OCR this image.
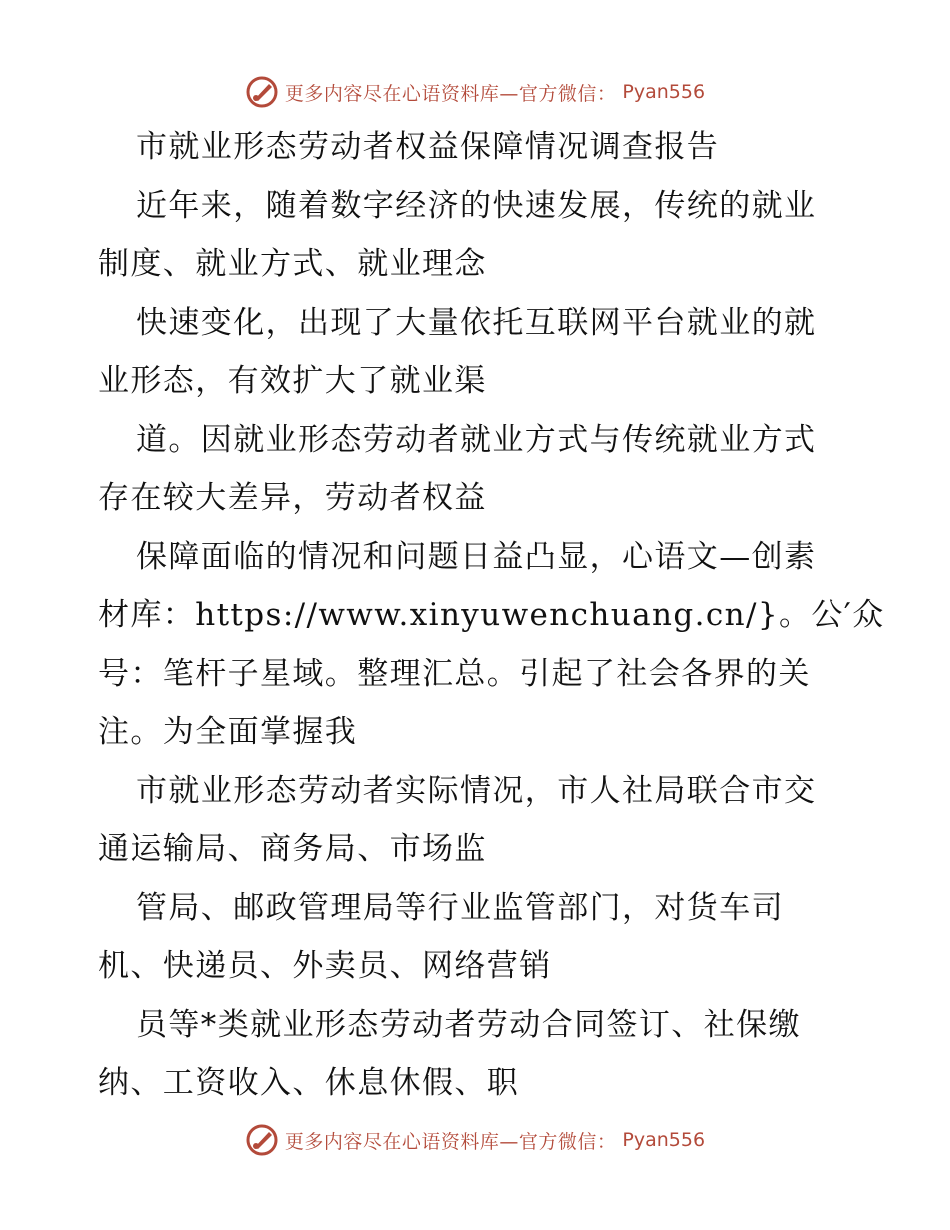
更多内容尽在心语资料库—官方微信： Pyan556
市就业形态劳动者权益保障情况调查报告
近年来，随着数字经济的快速发展，传统的就业
制度、就业方式、就业理念
快速变化，出现了大量依托互联网平台就业的就
业形态，有效扩大了就业渠
道。因就业形态劳动者就业方式与传统就业方式
存在较大差异，劳动者权益
保障面临的情况和问题日益凸显，心语文—创素
材库：https://www.xinyuwenchuang.cn/}。公′众
号：笔杆子星域。整理汇总。引起了社会各界的关
注。为全面掌握我
市就业形态劳动者实际情况，市人社局联合市交
通运输局、商务局、市场监
管局、邮政管理局等行业监管部门，对货车司
机、快递员、外卖员、网络营销
员等*类就业形态劳动者劳动合同签订、社保缴
纳、工资收入、休息休假、职
更多内容尽在心语资料库—官方微信： Pyan556
